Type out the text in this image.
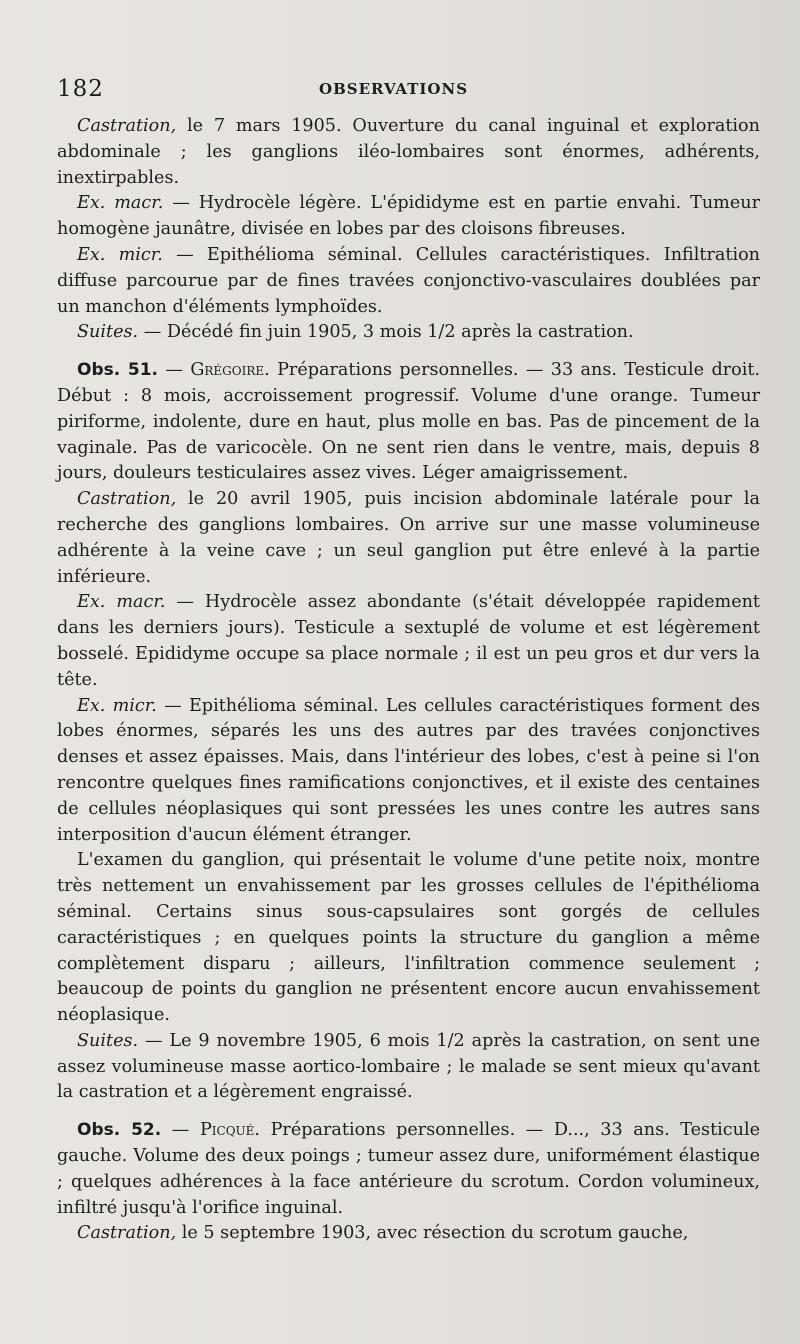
182	OBSERVATIONS

Castration, le 7 mars 1905. Ouverture du canal inguinal et exploration abdominale ; les ganglions iléo-lombaires sont énormes, adhérents, inextirpables.

Ex. macr. — Hydrocèle légère. L'épididyme est en partie envahi. Tumeur homogène jaunâtre, divisée en lobes par des cloisons fibreuses.

Ex. micr. — Epithélioma séminal. Cellules caractéristiques. Infiltration diffuse parcourue par de fines travées conjonctivo-vasculaires doublées par un manchon d'éléments lymphoïdes.

Suites. — Décédé fin juin 1905, 3 mois 1/2 après la castration.

Obs. 51. — Grégoire. Préparations personnelles. — 33 ans. Testicule droit. Début : 8 mois, accroissement progressif. Volume d'une orange. Tumeur piriforme, indolente, dure en haut, plus molle en bas. Pas de pincement de la vaginale. Pas de varicocèle. On ne sent rien dans le ventre, mais, depuis 8 jours, douleurs testiculaires assez vives. Léger amaigrissement.

Castration, le 20 avril 1905, puis incision abdominale latérale pour la recherche des ganglions lombaires. On arrive sur une masse volumineuse adhérente à la veine cave ; un seul ganglion put être enlevé à la partie inférieure.

Ex. macr. — Hydrocèle assez abondante (s'était développée rapidement dans les derniers jours). Testicule a sextuplé de volume et est légèrement bosselé. Epididyme occupe sa place normale ; il est un peu gros et dur vers la tête.

Ex. micr. — Epithélioma séminal. Les cellules caractéristiques forment des lobes énormes, séparés les uns des autres par des travées conjonctives denses et assez épaisses. Mais, dans l'intérieur des lobes, c'est à peine si l'on rencontre quelques fines ramifications conjonctives, et il existe des centaines de cellules néoplasiques qui sont pressées les unes contre les autres sans interposition d'aucun élément étranger.

L'examen du ganglion, qui présentait le volume d'une petite noix, montre très nettement un envahissement par les grosses cellules de l'épithélioma séminal. Certains sinus sous-capsulaires sont gorgés de cellules caractéristiques ; en quelques points la structure du ganglion a même complètement disparu ; ailleurs, l'infiltration commence seulement ; beaucoup de points du ganglion ne présentent encore aucun envahissement néoplasique.

Suites. — Le 9 novembre 1905, 6 mois 1/2 après la castration, on sent une assez volumineuse masse aortico-lombaire ; le malade se sent mieux qu'avant la castration et a légèrement engraissé.

Obs. 52. — Picqué. Préparations personnelles. — D..., 33 ans. Testicule gauche. Volume des deux poings ; tumeur assez dure, uniformément élastique ; quelques adhérences à la face antérieure du scrotum. Cordon volumineux, infiltré jusqu'à l'orifice inguinal.

Castration, le 5 septembre 1903, avec résection du scrotum gauche,
